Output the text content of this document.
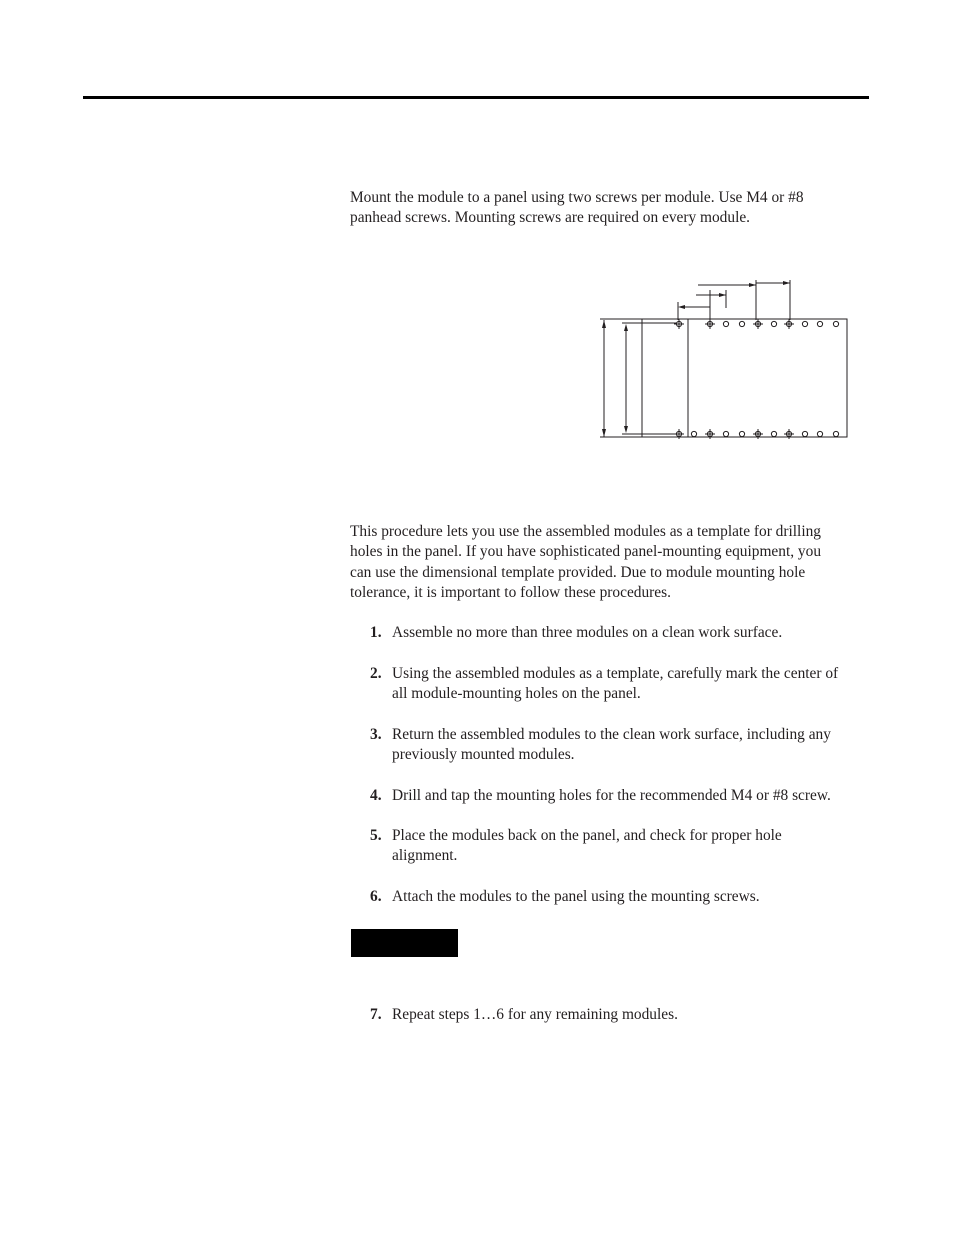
Mount the module to a panel using two screws per module. Use M4 or #8
panhead screws. Mounting screws are required on every module.

This procedure lets you use the assembled modules as a template for drilling
holes in the panel. If you have sophisticated panel-mounting equipment, you
can use the dimensional template provided. Due to module mounting hole
tolerance, it is important to follow these procedures.

1. Assemble no more than three modules on a clean work surface.
2. Using the assembled modules as a template, carefully mark the center of
all module-mounting holes on the panel.
3. Return the assembled modules to the clean work surface, including any
previously mounted modules.
4. Drill and tap the mounting holes for the recommended M4 or #8 screw.
5. Place the modules back on the panel, and check for proper hole
alignment.
6. Attach the modules to the panel using the mounting screws.
7. Repeat steps 1…6 for any remaining modules.
